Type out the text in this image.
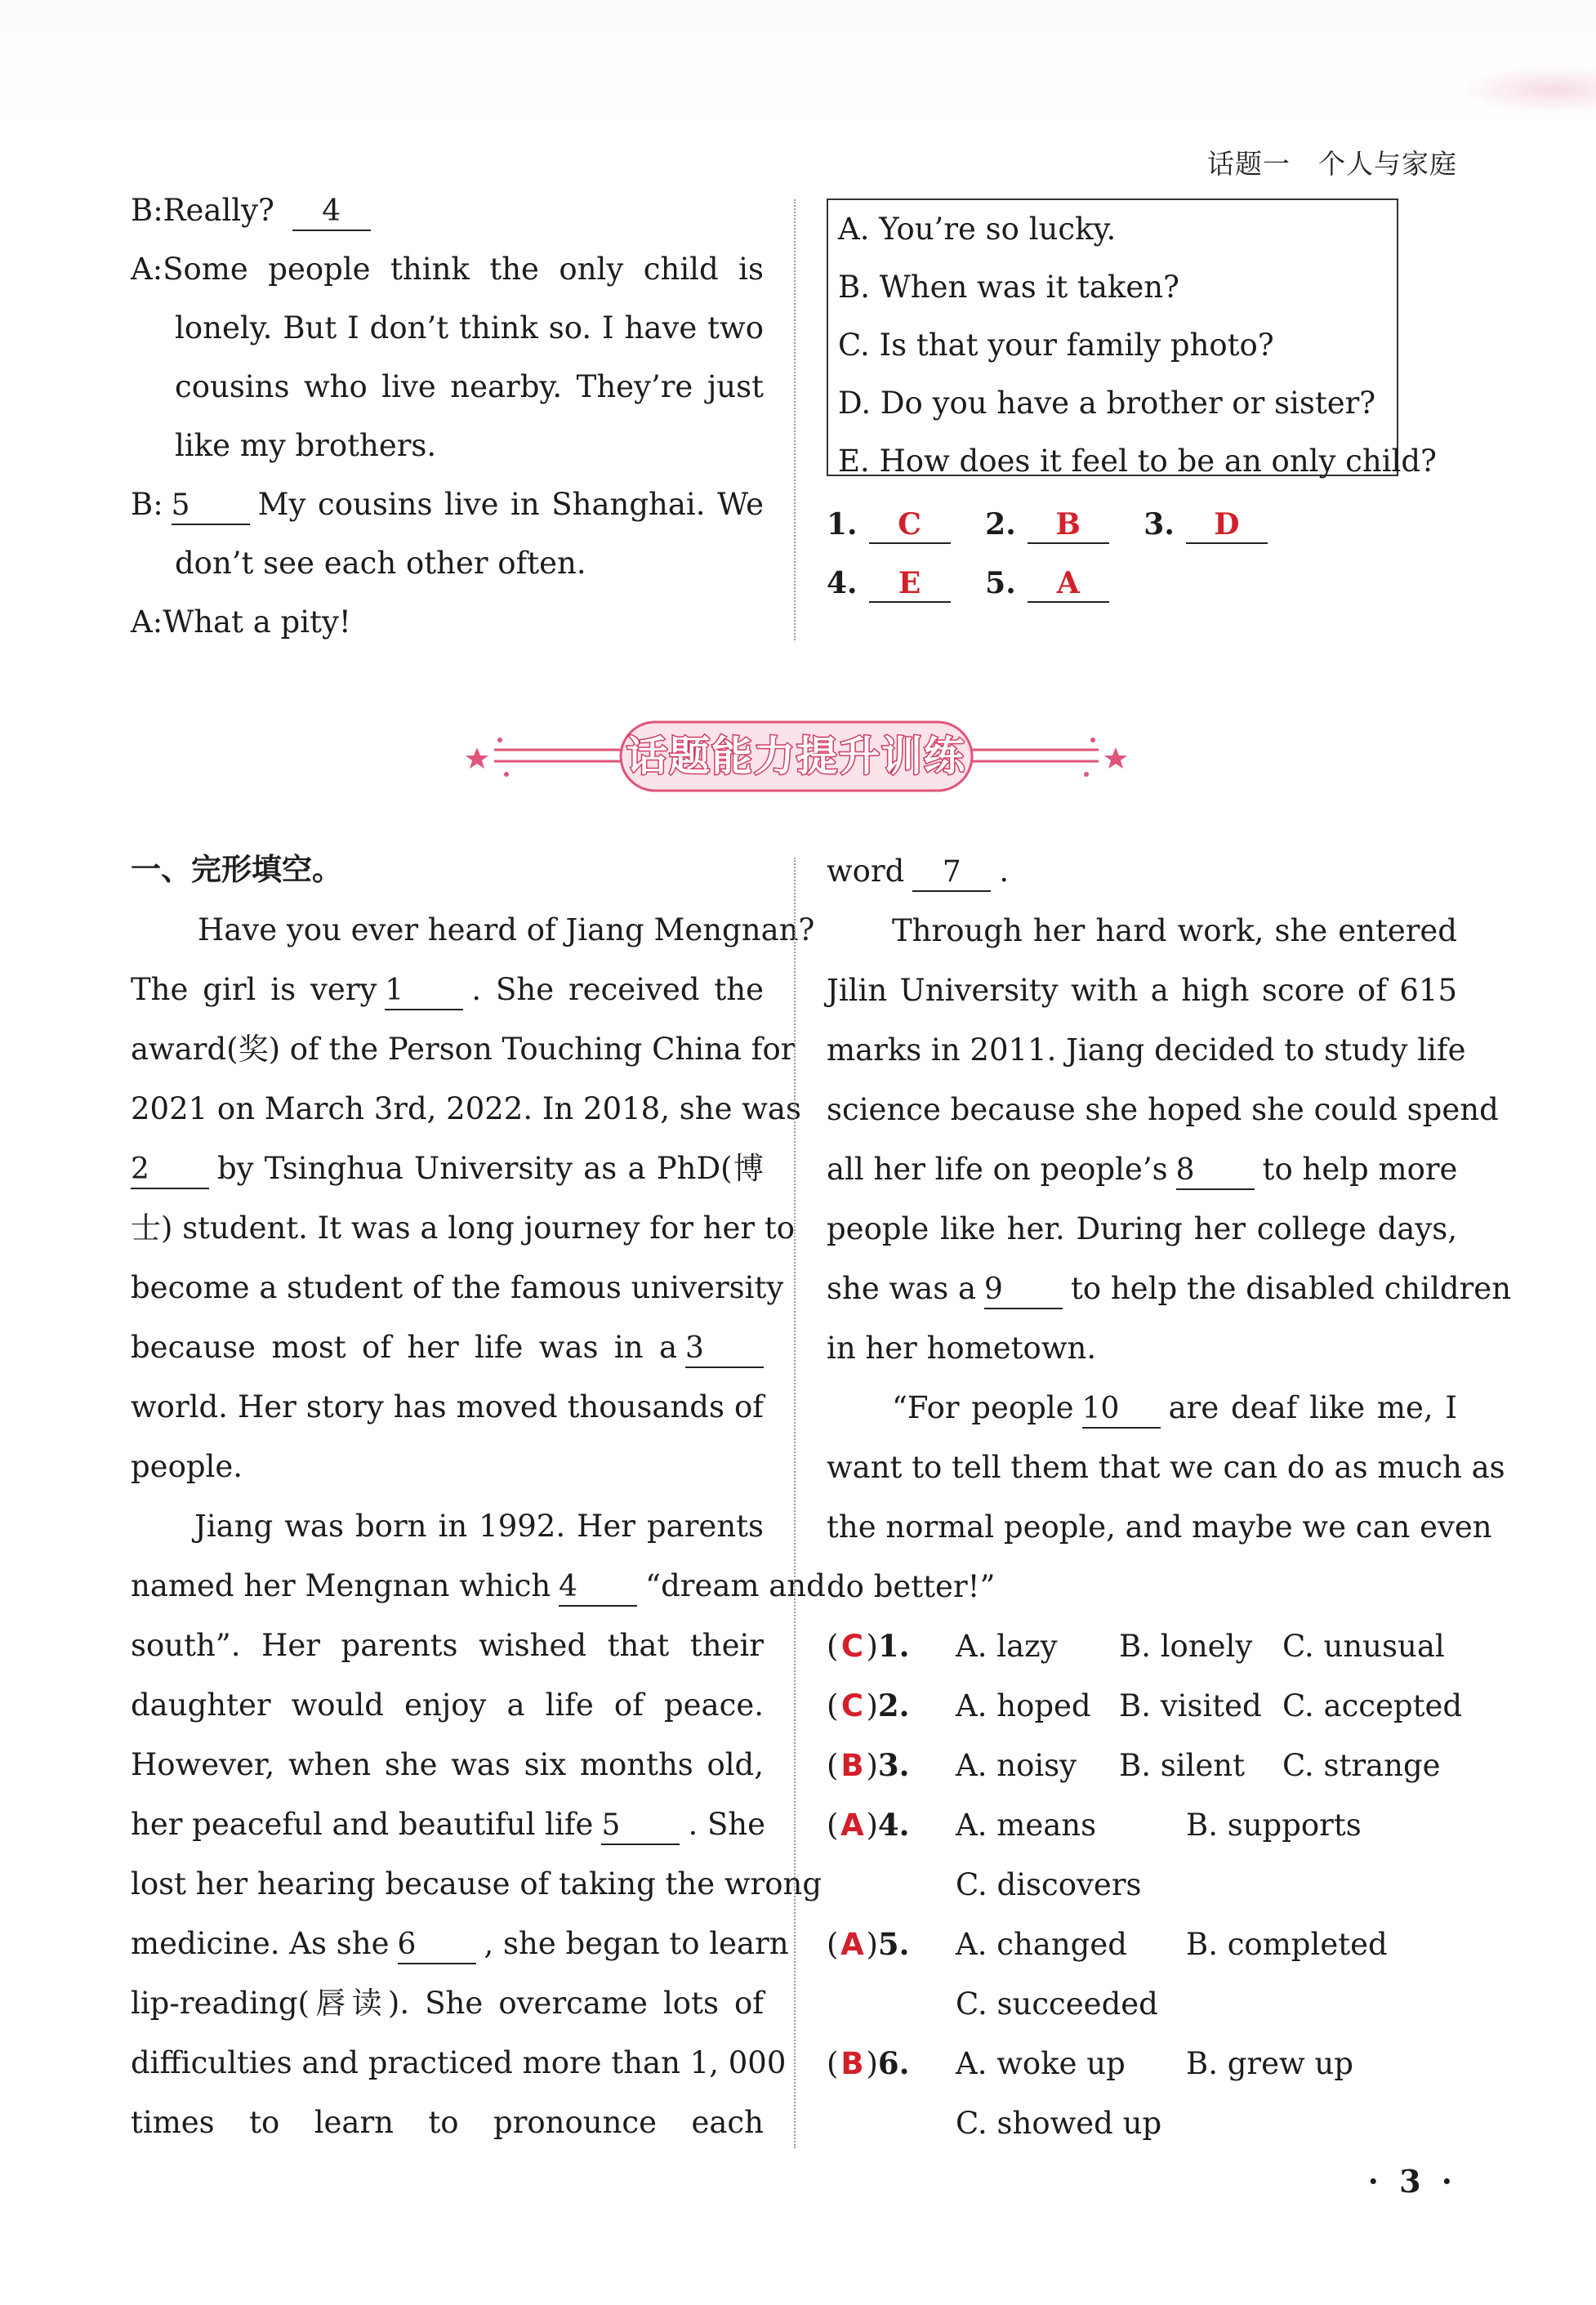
话题一 个人与家庭
B:Really? 4
A:Some people think the only child is
lonely. But I don’t think so. I have two
cousins who live nearby. They’re just
like my brothers.
B: 5 My cousins live in Shanghai. We
don’t see each other often.
A:What a pity!
A. You’re so lucky.
B. When was it taken?
C. Is that your family photo?
D. Do you have a brother or sister?
E. How does it feel to be an only child?
1. C 2. B 3. D
4. E 5. A
话题能力提升训练
一、完形填空。
Have you ever heard of Jiang Mengnan?
The girl is very 1 . She received the
award(奖) of the Person Touching China for
2021 on March 3rd, 2022. In 2018, she was
2 by Tsinghua University as a PhD(博
士) student. It was a long journey for her to
become a student of the famous university
because most of her life was in a 3
world. Her story has moved thousands of
people.
Jiang was born in 1992. Her parents
named her Mengnan which 4 “dream and
south”. Her parents wished that their
daughter would enjoy a life of peace.
However, when she was six months old,
her peaceful and beautiful life 5 . She
lost her hearing because of taking the wrong
medicine. As she 6 , she began to learn
lip-reading(唇读). She overcame lots of
difficulties and practiced more than 1, 000
times to learn to pronounce each
word 7 .
Through her hard work, she entered
Jilin University with a high score of 615
marks in 2011. Jiang decided to study life
science because she hoped she could spend
all her life on people’s 8 to help more
people like her. During her college days,
she was a 9 to help the disabled children
in her hometown.
“For people 10 are deaf like me, I
want to tell them that we can do as much as
the normal people, and maybe we can even
do better!”
(C)1. A. lazy B. lonely C. unusual
(C)2. A. hoped B. visited C. accepted
(B)3. A. noisy B. silent C. strange
(A)4. A. means	B. supports
C. discovers
(A)5. A. changed B. completed
C. succeeded
(B)6. A. woke up B. grew up
C. showed up
· 3 ·
